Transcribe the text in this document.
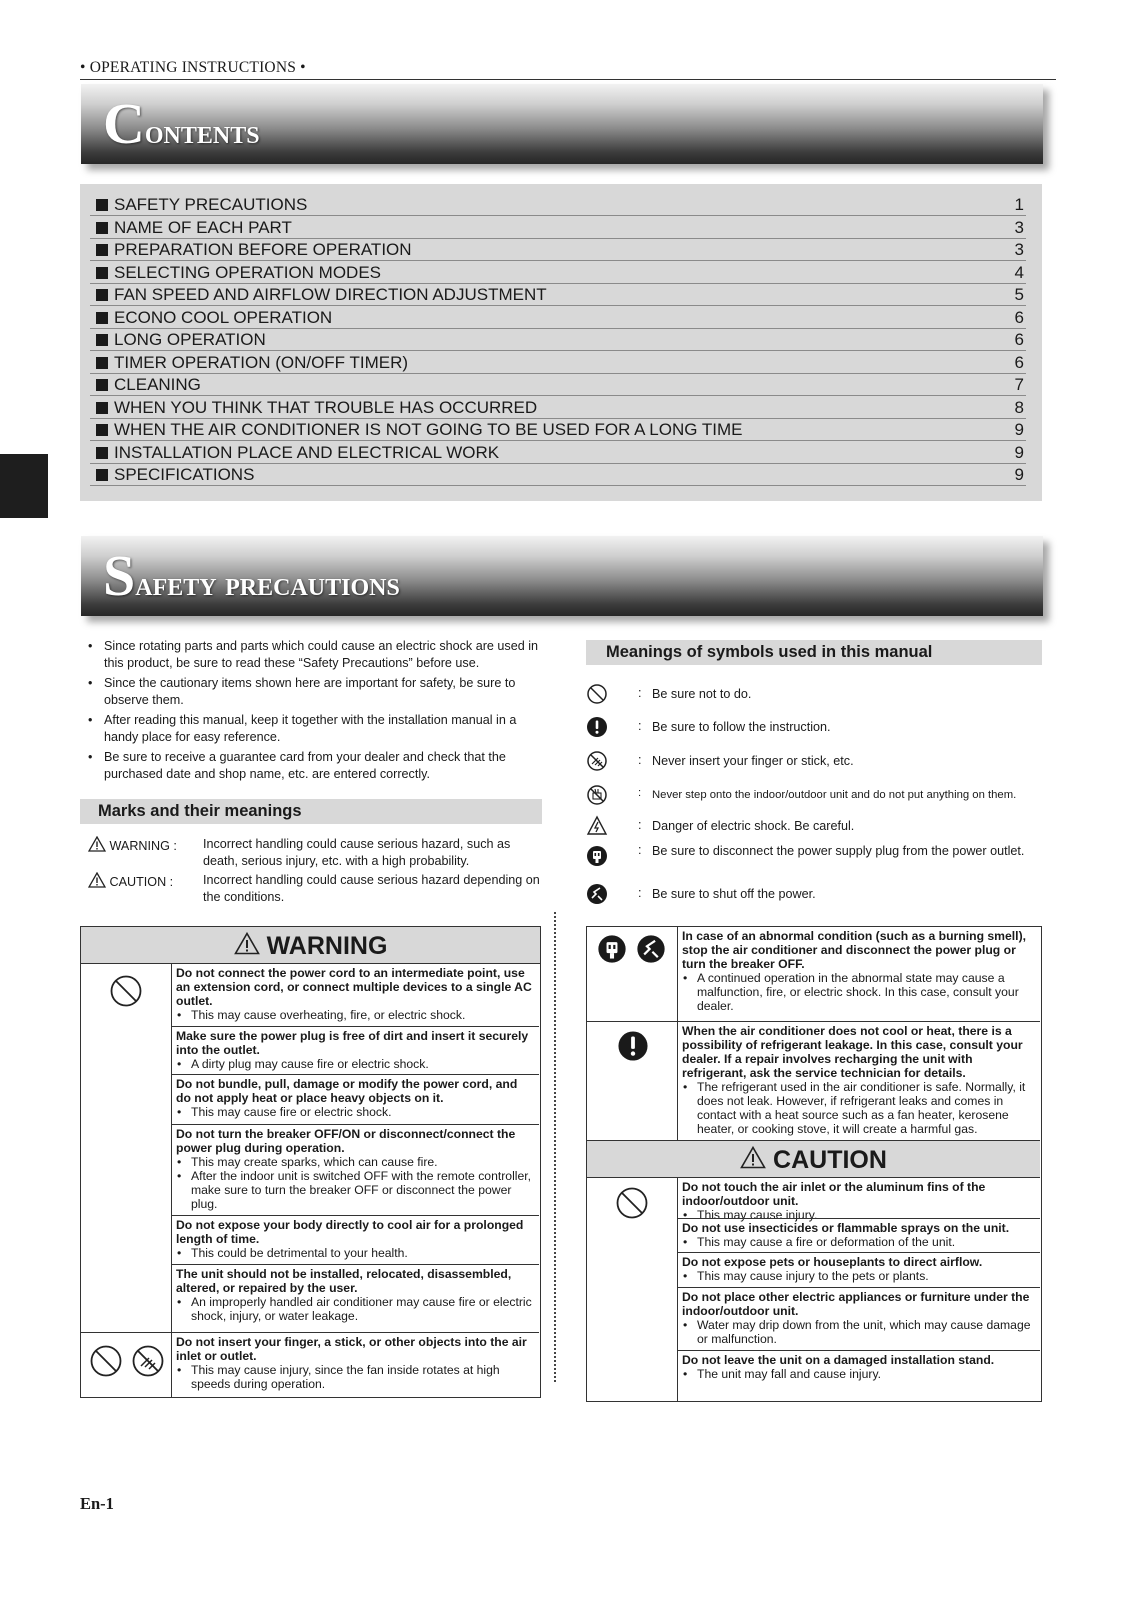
• OPERATING INSTRUCTIONS •
Contents
SAFETY PRECAUTIONS	1
NAME OF EACH PART	3
PREPARATION BEFORE OPERATION	3
SELECTING OPERATION MODES	4
FAN SPEED AND AIRFLOW DIRECTION ADJUSTMENT	5
ECONO COOL OPERATION	6
LONG OPERATION	6
TIMER OPERATION (ON/OFF TIMER)	6
CLEANING	7
WHEN YOU THINK THAT TROUBLE HAS OCCURRED	8
WHEN THE AIR CONDITIONER IS NOT GOING TO BE USED FOR A LONG TIME	9
INSTALLATION PLACE AND ELECTRICAL WORK	9
SPECIFICATIONS	9
Safety precautions
• Since rotating parts and parts which could cause an electric shock are used in this product, be sure to read these “Safety Precautions” before use.
• Since the cautionary items shown here are important for safety, be sure to observe them.
• After reading this manual, keep it together with the installation manual in a handy place for easy reference.
• Be sure to receive a guarantee card from your dealer and check that the purchased date and shop name, etc. are entered correctly.
Marks and their meanings
WARNING : Incorrect handling could cause serious hazard, such as death, serious injury, etc. with a high probability.
CAUTION : Incorrect handling could cause serious hazard depending on the conditions.
Meanings of symbols used in this manual
: Be sure not to do.
: Be sure to follow the instruction.
: Never insert your finger or stick, etc.
: Never step onto the indoor/outdoor unit and do not put anything on them.
: Danger of electric shock. Be careful.
: Be sure to disconnect the power supply plug from the power outlet.
: Be sure to shut off the power.
WARNING
Do not connect the power cord to an intermediate point, use an extension cord, or connect multiple devices to a single AC outlet.
• This may cause overheating, fire, or electric shock.
Make sure the power plug is free of dirt and insert it securely into the outlet.
• A dirty plug may cause fire or electric shock.
Do not bundle, pull, damage or modify the power cord, and do not apply heat or place heavy objects on it.
• This may cause fire or electric shock.
Do not turn the breaker OFF/ON or disconnect/connect the power plug during operation.
• This may create sparks, which can cause fire.
• After the indoor unit is switched OFF with the remote controller, make sure to turn the breaker OFF or disconnect the power plug.
Do not expose your body directly to cool air for a prolonged length of time.
• This could be detrimental to your health.
The unit should not be installed, relocated, disassembled, altered, or repaired by the user.
• An improperly handled air conditioner may cause fire or electric shock, injury, or water leakage.
Do not insert your finger, a stick, or other objects into the air inlet or outlet.
• This may cause injury, since the fan inside rotates at high speeds during operation.
In case of an abnormal condition (such as a burning smell), stop the air conditioner and disconnect the power plug or turn the breaker OFF.
• A continued operation in the abnormal state may cause a malfunction, fire, or electric shock. In this case, consult your dealer.
When the air conditioner does not cool or heat, there is a possibility of refrigerant leakage. In this case, consult your dealer. If a repair involves recharging the unit with refrigerant, ask the service technician for details.
• The refrigerant used in the air conditioner is safe. Normally, it does not leak. However, if refrigerant leaks and comes in contact with a heat source such as a fan heater, kerosene heater, or cooking stove, it will create a harmful gas.
CAUTION
Do not touch the air inlet or the aluminum fins of the indoor/outdoor unit.
• This may cause injury.
Do not use insecticides or flammable sprays on the unit.
• This may cause a fire or deformation of the unit.
Do not expose pets or houseplants to direct airflow.
• This may cause injury to the pets or plants.
Do not place other electric appliances or furniture under the indoor/outdoor unit.
• Water may drip down from the unit, which may cause damage or malfunction.
Do not leave the unit on a damaged installation stand.
• The unit may fall and cause injury.
En-1
